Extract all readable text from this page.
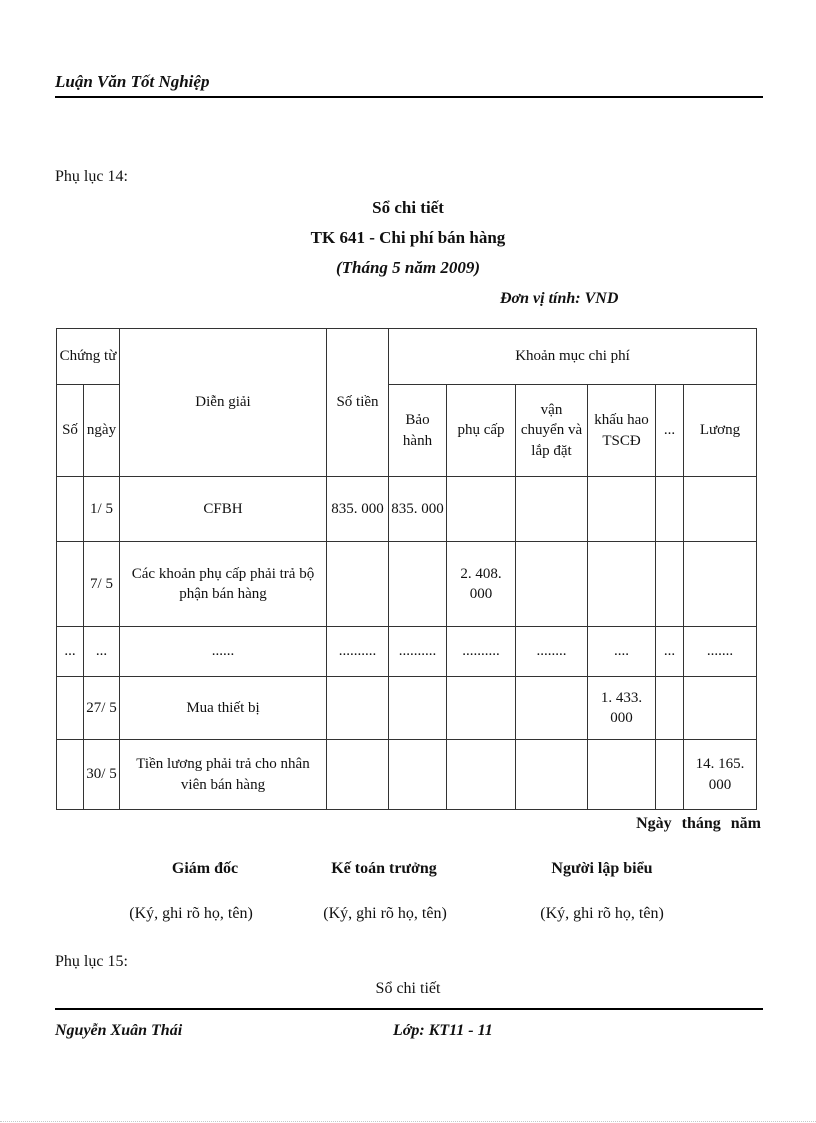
Luận Văn Tốt Nghiệp
Phụ lục 14:
Sổ chi tiết
TK 641 - Chi phí bán hàng
(Tháng 5 năm 2009)
Đơn vị tính: VND
Chứng từ		Diễn giải	Số tiền	Khoản mục chi phí					
Số	ngày			Bảo hành	phụ cấp	vận chuyển và lắp đặt	khấu hao TSCĐ	...	Lương
	1/ 5	CFBH	835. 000	835. 000					
	7/ 5	Các khoản phụ cấp phải trả bộ phận bán hàng			2. 408. 000				
...	...	......	..........	..........	..........	........	....	...	.......
	27/ 5	Mua thiết bị					1. 433. 000		
	30/ 5	Tiền lương phải trả cho nhân viên bán hàng							14. 165. 000
Ngày tháng năm
Giám đốc	Kế toán trưởng	Người lập biểu
(Ký, ghi rõ họ, tên)	(Ký, ghi rõ họ, tên)	(Ký, ghi rõ họ, tên)
Phụ lục 15:
Sổ chi tiết
Nguyễn Xuân Thái	Lớp: KT11 - 11
